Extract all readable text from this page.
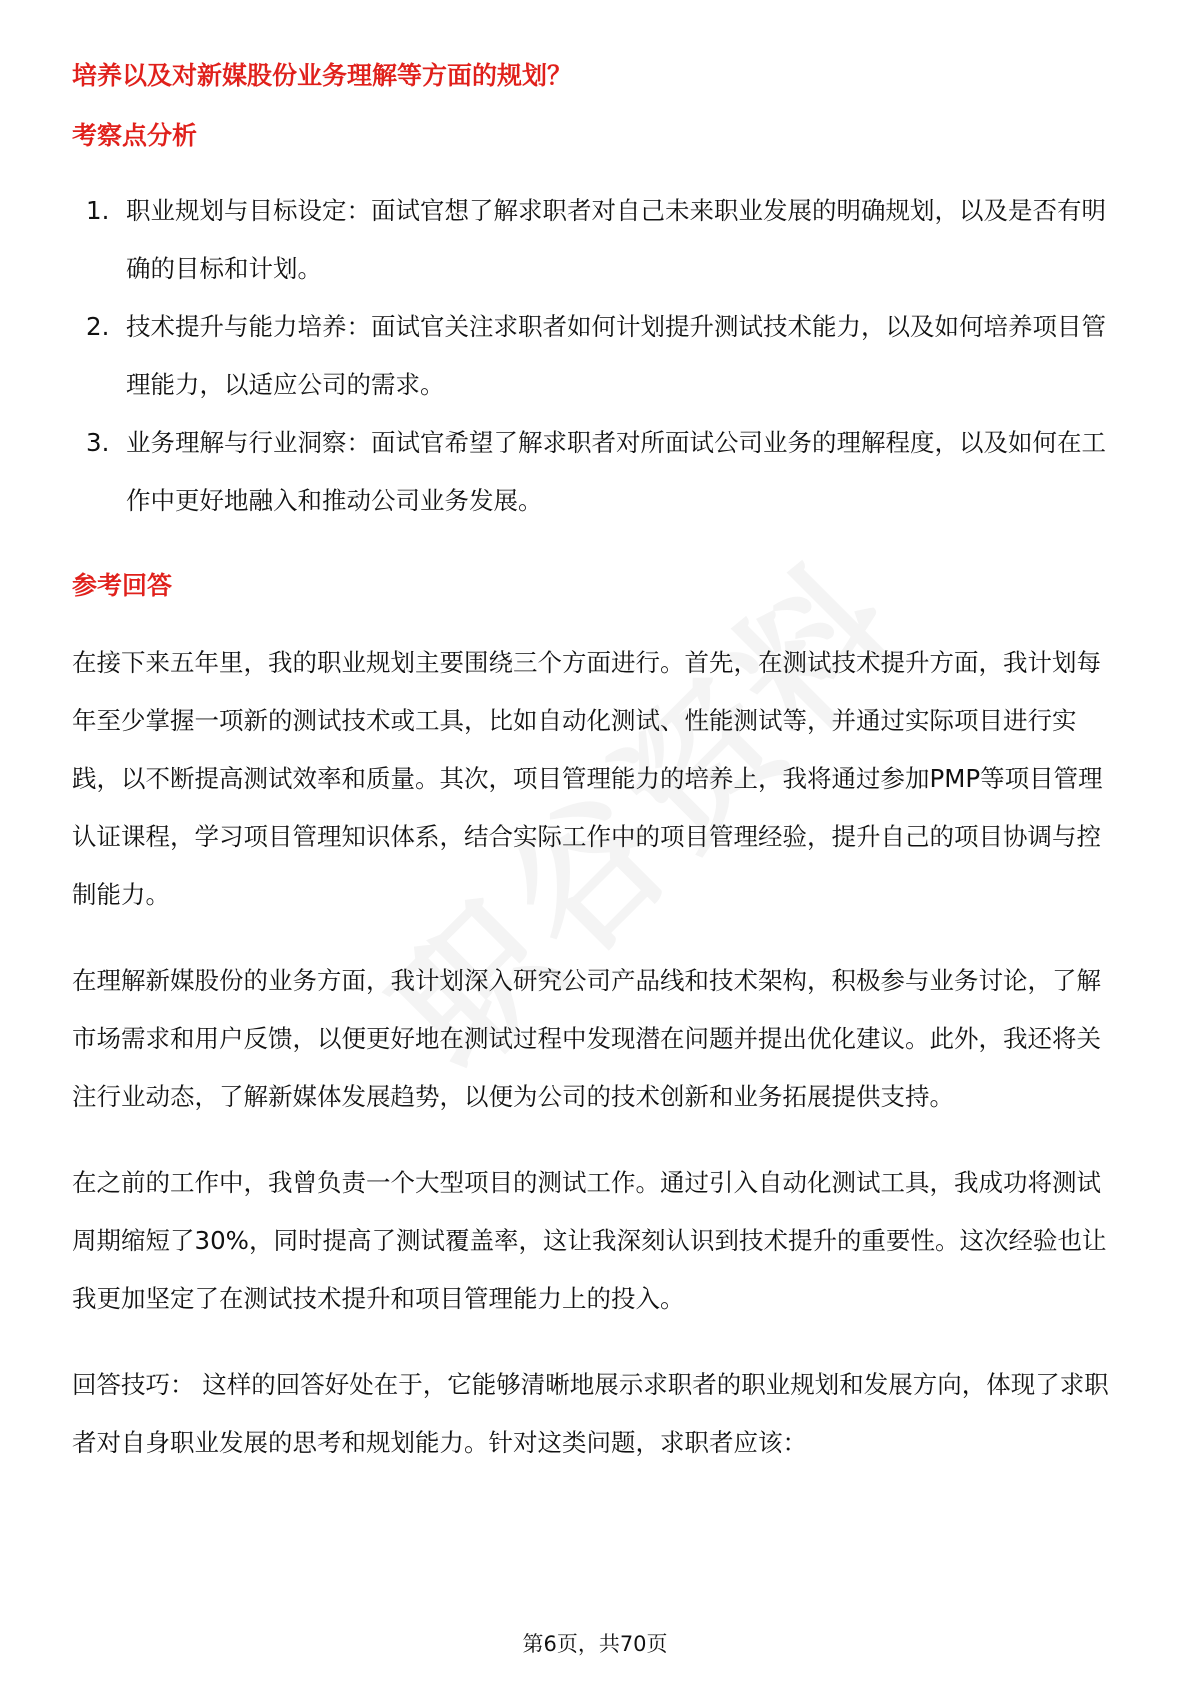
培养以及对新媒股份业务理解等方面的规划？
考察点分析
1. 职业规划与目标设定：面试官想了解求职者对自己未来职业发展的明确规划，以及是否有明确的目标和计划。
2. 技术提升与能力培养：面试官关注求职者如何计划提升测试技术能力，以及如何培养项目管理能力，以适应公司的需求。
3. 业务理解与行业洞察：面试官希望了解求职者对所面试公司业务的理解程度，以及如何在工作中更好地融入和推动公司业务发展。
参考回答

在接下来五年里，我的职业规划主要围绕三个方面进行。首先，在测试技术提升方面，我计划每年至少掌握一项新的测试技术或工具，比如自动化测试、性能测试等，并通过实际项目进行实践，以不断提高测试效率和质量。其次，项目管理能力的培养上，我将通过参加PMP等项目管理认证课程，学习项目管理知识体系，结合实际工作中的项目管理经验，提升自己的项目协调与控制能力。

在理解新媒股份的业务方面，我计划深入研究公司产品线和技术架构，积极参与业务讨论，了解市场需求和用户反馈，以便更好地在测试过程中发现潜在问题并提出优化建议。此外，我还将关注行业动态，了解新媒体发展趋势，以便为公司的技术创新和业务拓展提供支持。

在之前的工作中，我曾负责一个大型项目的测试工作。通过引入自动化测试工具，我成功将测试周期缩短了30%，同时提高了测试覆盖率，这让我深刻认识到技术提升的重要性。这次经验也让我更加坚定了在测试技术提升和项目管理能力上的投入。

回答技巧： 这样的回答好处在于，它能够清晰地展示求职者的职业规划和发展方向，体现了求职者对自身职业发展的思考和规划能力。针对这类问题，求职者应该：

第6页，共70页
